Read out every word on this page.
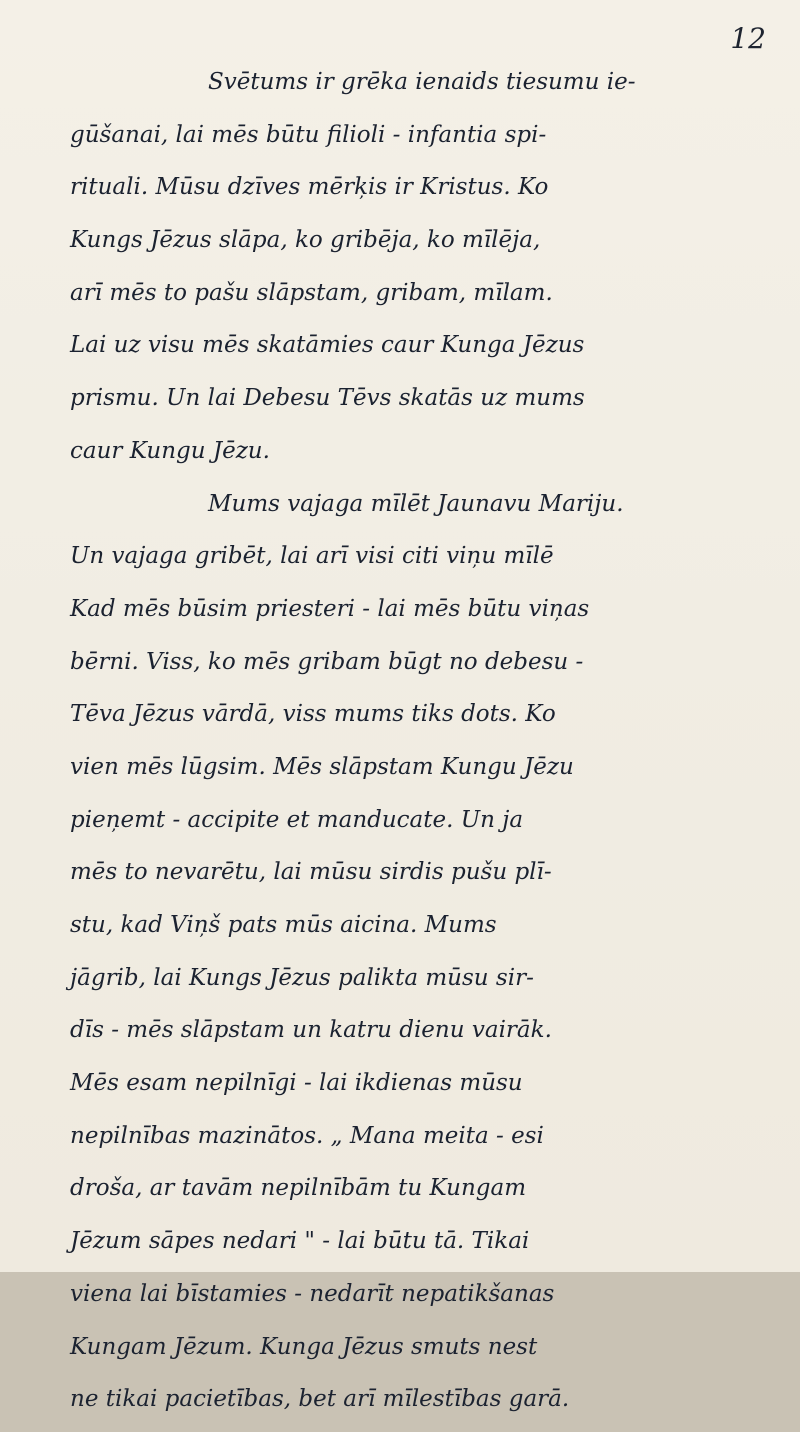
12
Svētums ir grēka ienaids tiesumu ie-
gūšanai, lai mēs būtu filioli - infantia spi-
rituali. Mūsu dzīves mērķis ir Kristus. Ko
Kungs Jēzus slāpa, ko gribēja, ko mīlēja,
arī mēs to pašu slāpstam, gribam, mīlam.
Lai uz visu mēs skatāmies caur Kunga Jēzus
prismu. Un lai Debesu Tēvs skatās uz mums
caur Kungu Jēzu.
Mums vajaga mīlēt Jaunavu Mariju.
Un vajaga gribēt, lai arī visi citi viņu mīlē
Kad mēs būsim priesteri - lai mēs būtu viņas
bērni. Viss, ko mēs gribam būgt no debesu -
Tēva Jēzus vārdā, viss mums tiks dots. Ko
vien mēs lūgsim. Mēs slāpstam Kungu Jēzu
pieņemt - accipite et manducate. Un ja
mēs to nevarētu, lai mūsu sirdis pušu plī-
stu, kad Viņš pats mūs aicina. Mums
jāgrib, lai Kungs Jēzus palikta mūsu sir-
dīs - mēs slāpstam un katru dienu vairāk.
Mēs esam nepilnīgi - lai ikdienas mūsu
nepilnības mazinātos. „ Mana meita - esi
droša, ar tavām nepilnībām tu Kungam
Jēzum sāpes nedari " - lai būtu tā. Tikai
viena lai bīstamies - nedarīt nepatikšanas
Kungam Jēzum. Kunga Jēzus smuts nest
ne tikai pacietības, bet arī mīlestības garā.
